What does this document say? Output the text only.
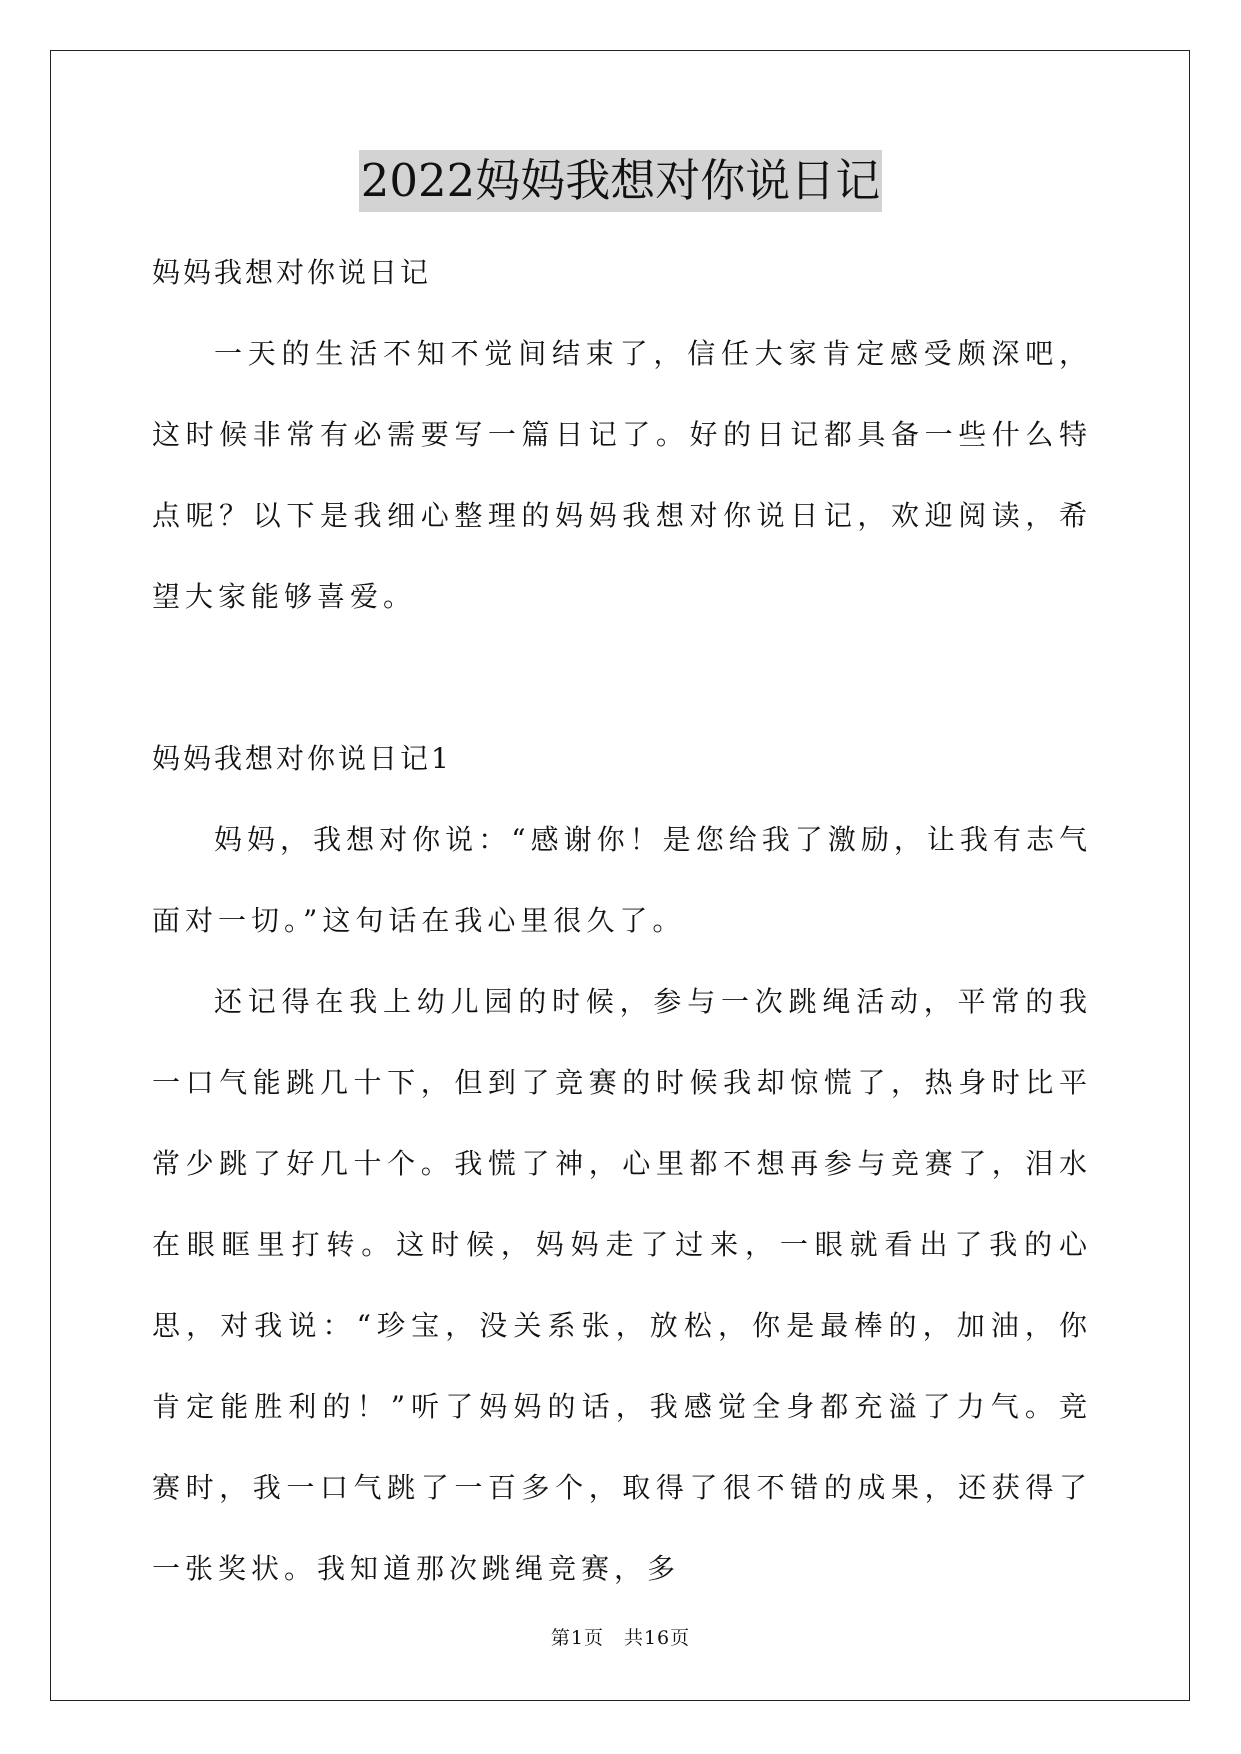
2022妈妈我想对你说日记

妈妈我想对你说日记

一天的生活不知不觉间结束了，信任大家肯定感受颇深吧，这时候非常有必需要写一篇日记了。好的日记都具备一些什么特点呢？以下是我细心整理的妈妈我想对你说日记，欢迎阅读，希望大家能够喜爱。

妈妈我想对你说日记1

妈妈，我想对你说：“感谢你！是您给我了激励，让我有志气面对一切。”这句话在我心里很久了。

还记得在我上幼儿园的时候，参与一次跳绳活动，平常的我一口气能跳几十下，但到了竞赛的时候我却惊慌了，热身时比平常少跳了好几十个。我慌了神，心里都不想再参与竞赛了，泪水在眼眶里打转。这时候，妈妈走了过来，一眼就看出了我的心思，对我说：“珍宝，没关系张，放松，你是最棒的，加油，你肯定能胜利的！”听了妈妈的话，我感觉全身都充溢了力气。竞赛时，我一口气跳了一百多个，取得了很不错的成果，还获得了一张奖状。我知道那次跳绳竞赛，多

第1页　共16页
